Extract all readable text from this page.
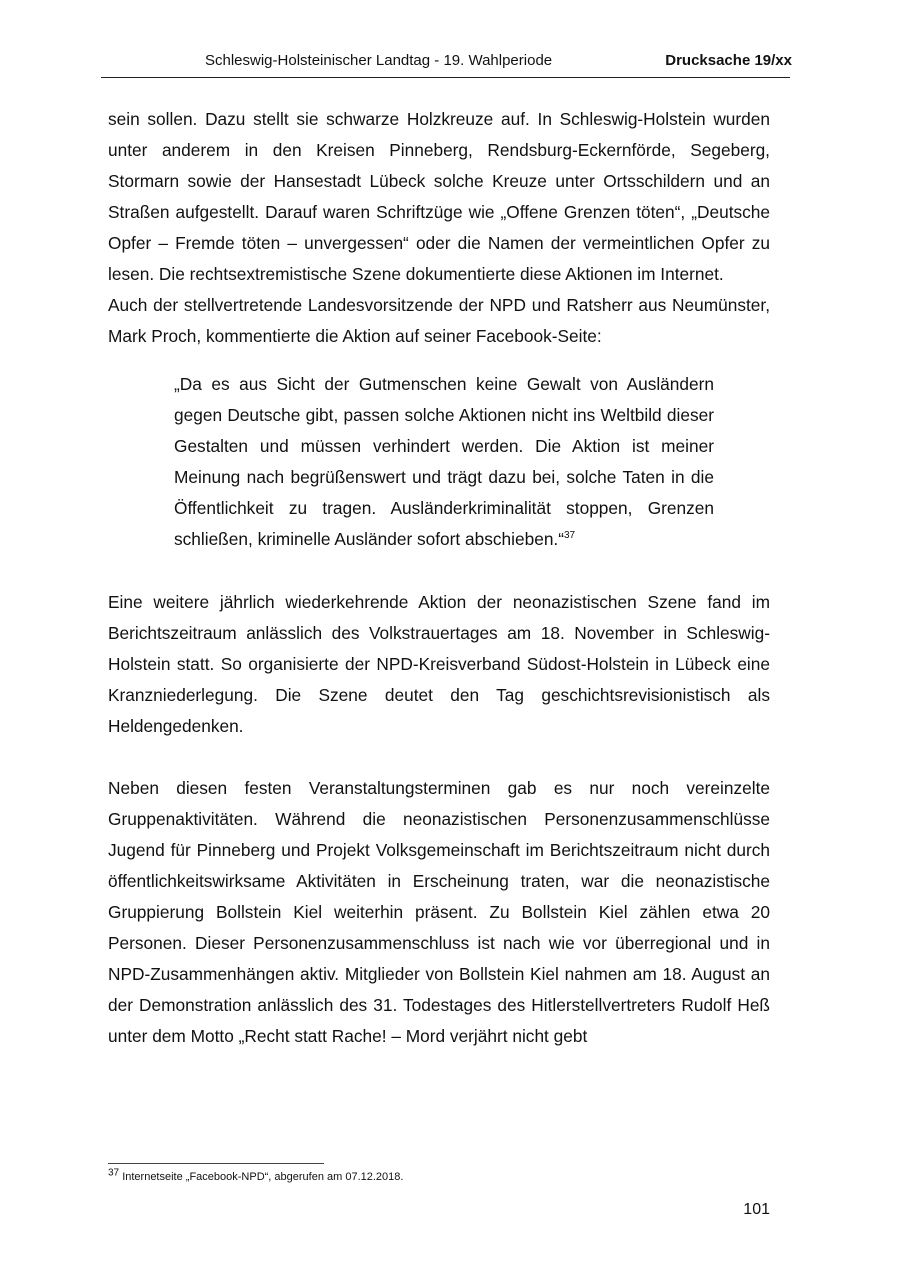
Schleswig-Holsteinischer Landtag - 19. Wahlperiode	Drucksache 19/xx

sein sollen. Dazu stellt sie schwarze Holzkreuze auf. In Schleswig-Holstein wurden unter anderem in den Kreisen Pinneberg, Rendsburg-Eckernförde, Segeberg, Stormarn sowie der Hansestadt Lübeck solche Kreuze unter Ortsschildern und an Straßen aufgestellt. Darauf waren Schriftzüge wie „Offene Grenzen töten“, „Deutsche Opfer – Fremde töten – unvergessen“ oder die Namen der vermeintlichen Opfer zu lesen. Die rechtsextremistische Szene dokumentierte diese Aktionen im Internet.

Auch der stellvertretende Landesvorsitzende der NPD und Ratsherr aus Neumünster, Mark Proch, kommentierte die Aktion auf seiner Facebook-Seite:

„Da es aus Sicht der Gutmenschen keine Gewalt von Ausländern gegen Deutsche gibt, passen solche Aktionen nicht ins Weltbild dieser Gestalten und müssen verhindert werden. Die Aktion ist meiner Meinung nach begrüßenswert und trägt dazu bei, solche Taten in die Öffentlichkeit zu tragen. Ausländerkriminalität stoppen, Grenzen schließen, kriminelle Ausländer sofort abschieben.“$^{37}$

Eine weitere jährlich wiederkehrende Aktion der neonazistischen Szene fand im Berichtszeitraum anlässlich des Volkstrauertages am 18. November in Schleswig-Holstein statt. So organisierte der NPD-Kreisverband Südost-Holstein in Lübeck eine Kranzniederlegung. Die Szene deutet den Tag geschichtsrevisionistisch als Heldengedenken.

Neben diesen festen Veranstaltungsterminen gab es nur noch vereinzelte Gruppenaktivitäten. Während die neonazistischen Personenzusammenschlüsse Jugend für Pinneberg und Projekt Volksgemeinschaft im Berichtszeitraum nicht durch öffentlichkeitswirksame Aktivitäten in Erscheinung traten, war die neonazistische Gruppierung Bollstein Kiel weiterhin präsent. Zu Bollstein Kiel zählen etwa 20 Personen. Dieser Personenzusammenschluss ist nach wie vor überregional und in NPD-Zusammenhängen aktiv. Mitglieder von Bollstein Kiel nahmen am 18. August an der Demonstration anlässlich des 31. Todestages des Hitlerstellvertreters Rudolf Heß unter dem Motto „Recht statt Rache! – Mord verjährt nicht gebt

$^{37}$ Internetseite „Facebook-NPD“, abgerufen am 07.12.2018.
101
